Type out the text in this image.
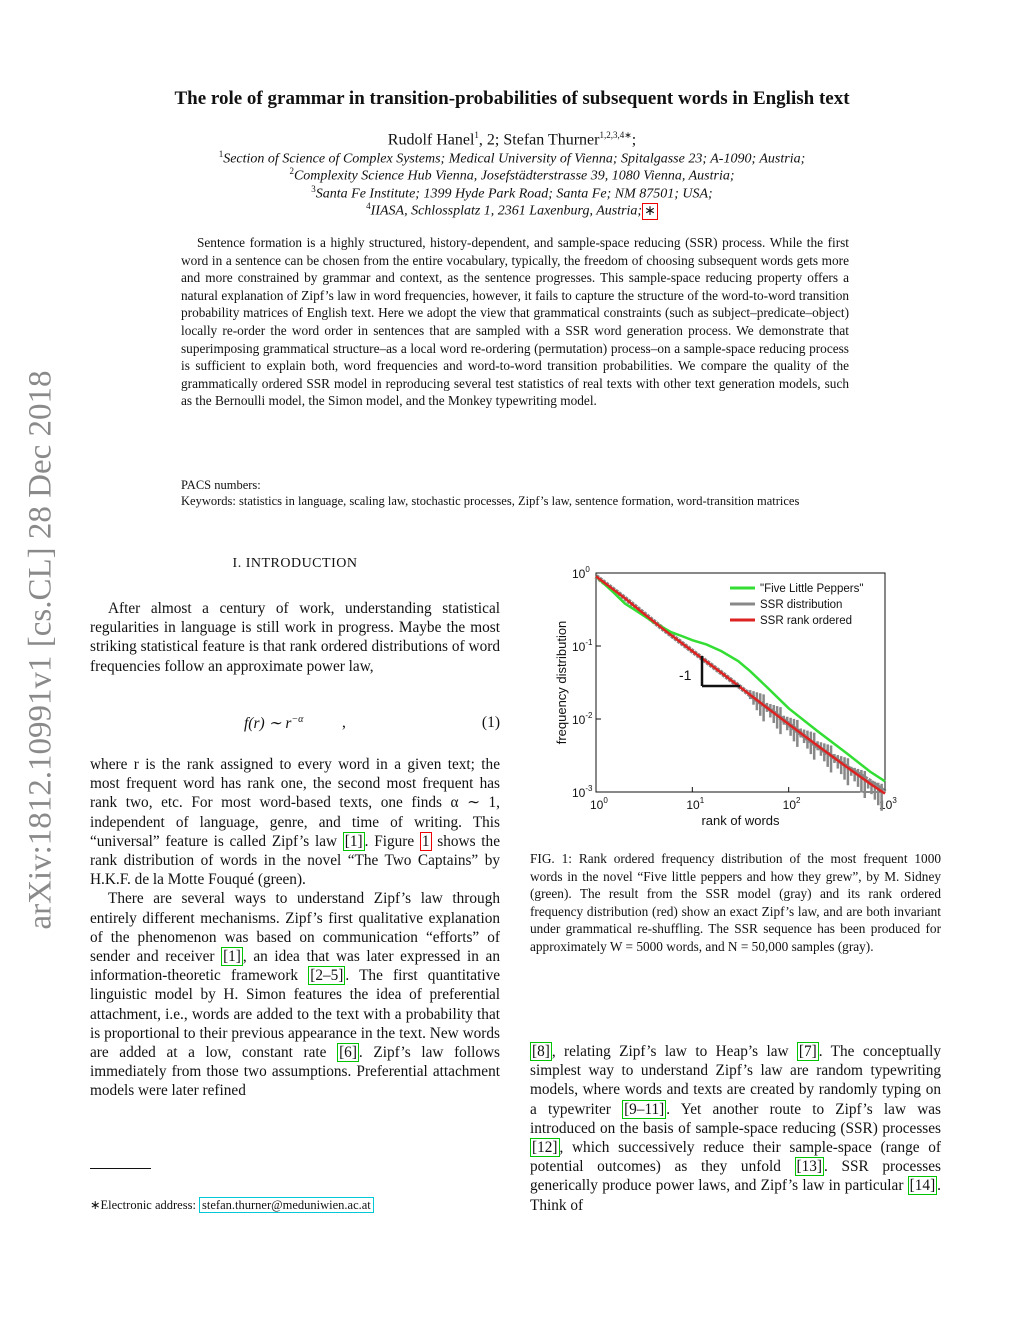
arXiv:1812.10991v1 [cs.CL] 28 Dec 2018
The role of grammar in transition-probabilities of subsequent words in English text
Rudolf Hanel$^1$, 2; Stefan Thurner$^{1,2,3,4∗}$;
$^1$Section of Science of Complex Systems; Medical University of Vienna; Spitalgasse 23; A-1090; Austria;
$^2$Complexity Science Hub Vienna, Josefstädterstrasse 39, 1080 Vienna, Austria;
$^3$Santa Fe Institute; 1399 Hyde Park Road; Santa Fe; NM 87501; USA;
$^4$IIASA, Schlossplatz 1, 2361 Laxenburg, Austria; ∗
Sentence formation is a highly structured, history-dependent, and sample-space reducing (SSR) process. While the first word in a sentence can be chosen from the entire vocabulary, typically, the freedom of choosing subsequent words gets more and more constrained by grammar and context, as the sentence progresses. This sample-space reducing property offers a natural explanation of Zipf’s law in word frequencies, however, it fails to capture the structure of the word-to-word transition probability matrices of English text. Here we adopt the view that grammatical constraints (such as subject–predicate–object) locally re-order the word order in sentences that are sampled with a SSR word generation process. We demonstrate that superimposing grammatical structure–as a local word re-ordering (permutation) process–on a sample-space reducing process is sufficient to explain both, word frequencies and word-to-word transition probabilities. We compare the quality of the grammatically ordered SSR model in reproducing several test statistics of real texts with other text generation models, such as the Bernoulli model, the Simon model, and the Monkey typewriting model.
PACS numbers:
Keywords: statistics in language, scaling law, stochastic processes, Zipf’s law, sentence formation, word-transition matrices
I. INTRODUCTION

After almost a century of work, understanding statistical regularities in language is still work in progress. Maybe the most striking statistical feature is that rank ordered distributions of word frequencies follow an approximate power law,

f(r) ∼ $r^{-\alpha}$ ,	(1)

where r is the rank assigned to every word in a given text; the most frequent word has rank one, the second most frequent has rank two, etc. For most word-based texts, one finds α ∼ 1, independent of language, genre, and time of writing. This “universal” feature is called Zipf’s law [1] . Figure 1 shows the rank distribution of words in the novel “The Two Captains” by H.K.F. de la Motte Fouqué (green).

There are several ways to understand Zipf’s law through entirely different mechanisms. Zipf’s first qualitative explanation of the phenomenon was based on communication “efforts” of sender and receiver [1] , an idea that was later expressed in an information-theoretic framework [2–5] . The first quantitative linguistic model by H. Simon features the idea of preferential attachment, i.e., words are added to the text with a probability that is proportional to their previous appearance in the text. New words are added at a low, constant rate [6] . Zipf’s law follows immediately from those two assumptions. Preferential attachment models were later refined

∗Electronic address: stefan.thurner@meduniwien.ac.at
$10^0$	$10^1$	$10^2$	$10^3$
$10^0$
$10^{-1}$
$10^{-2}$
$10^{-3}$
rank of words
frequency distribution	-1
"Five Little Peppers"
SSR distribution
SSR rank ordered
FIG. 1: Rank ordered frequency distribution of the most frequent 1000 words in the novel “Five little peppers and how they grew”, by M. Sidney (green). The result from the SSR model (gray) and its rank ordered frequency distribution (red) show an exact Zipf’s law, and are both invariant under grammatical re-shuffling. The SSR sequence has been produced for approximately W = 5000 words, and N = 50,000 samples (gray).

[8] , relating Zipf’s law to Heap’s law [7] . The conceptually simplest way to understand Zipf’s law are random typewriting models, where words and texts are created by randomly typing on a typewriter [9–11] . Yet another route to Zipf’s law was introduced on the basis of sample-space reducing (SSR) processes [12] , which successively reduce their sample-space (range of potential outcomes) as they unfold [13] . SSR processes generically produce power laws, and Zipf’s law in particular [14] . Think of
